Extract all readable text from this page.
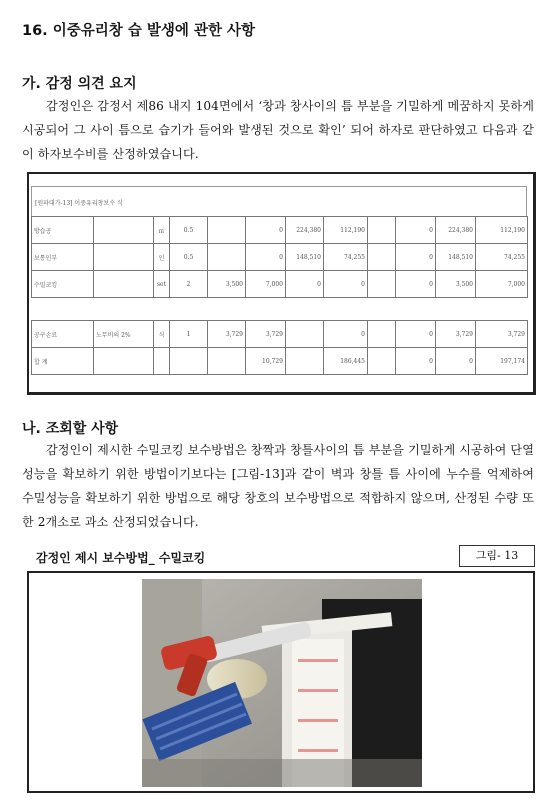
16. 이중유리창 습 발생에 관한 사항
가. 감정 의견 요지
감정인은 감정서 제86 내지 104면에서 ‘창과 창사이의 틈 부분을 기밀하게 메꿈하지 못하게 시공되어 그 사이 틈으로 습기가 들어와 발생된 것으로 확인’ 되어 하자로 판단하였고 다음과 같이 하자보수비를 산정하였습니다.
[원파대가-13] 이중유리창보수 식
방습공		㎡	0.5		0	224,380	112,190		0	224,380	112,190
보통인부		인	0.5		0	148,510	74,255		0	148,510	74,255
수밀코킹		set	2	3,500	7,000	0	0		0	3,500	7,000
공구손료	노무비의 2%	식	1	3,729	3,729		0		0	3,729	3,729
합 계					10,729		186,445		0	0	197,174
나. 조회할 사항
감정인이 제시한 수밀코킹 보수방법은 창짝과 창틀사이의 틈 부분을 기밀하게 시공하여 단열성능을 확보하기 위한 방법이기보다는 [그림-13]과 같이 벽과 창틀 틈 사이에 누수를 억제하여 수밀성능을 확보하기 위한 방법으로 해당 창호의 보수방법으로 적합하지 않으며, 산정된 수량 또한 2개소로 과소 산정되었습니다.
감정인 제시 보수방법_ 수밀코킹	그림- 13
